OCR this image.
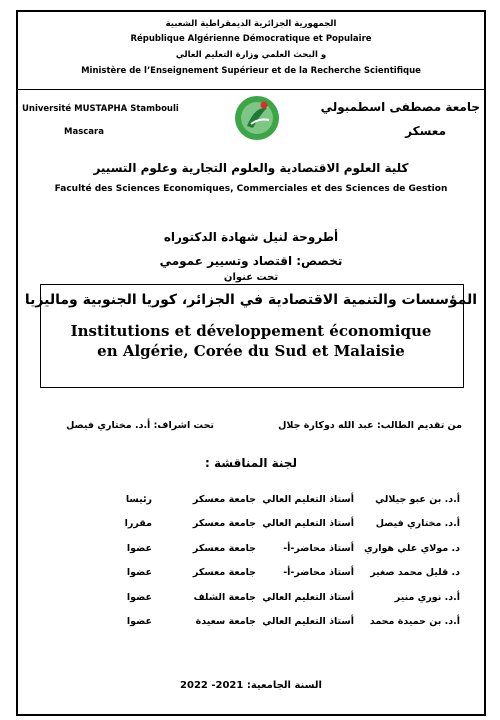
الجمهورية الجزائرية الديمقراطية الشعبية
République Algérienne Démocratique et Populaire
و البحث العلمي وزارة التعليم العالي
Ministère de l’Enseignement Supérieur et de la Recherche Scientifique
Université MUSTAPHA Stambouli
Mascara
جامعة مصطفى اسطمبولي
معسكر
كلية العلوم الاقتصادية والعلوم التجارية وعلوم التسيير
Faculté des Sciences Economiques, Commerciales et des Sciences de Gestion
أطروحة لنيل شهادة الدكتوراه
تخصص: اقتصاد وتسيير عمومي
تحت عنوان
المؤسسات والتنمية الاقتصادية في الجزائر، كوريا الجنوبية وماليزيا
Institutions et développement économique
en Algérie, Corée du Sud et Malaisie
من تقديم الطالب: عبد الله دوكارة جلال
تحت اشراف: أ.د. مختاري فيصل
لجنة المناقشة :
أ.د. بن عبو جيلالي	أستاذ التعليم العالي	جامعة معسكر	رئيسا
أ.د. مختاري فيصل	أستاذ التعليم العالي	جامعة معسكر	مقررا
د. مولاي علي هواري	أستاذ محاضر-أ-	جامعة معسكر	عضوا
د. قليل محمد صغير	أستاذ محاضر-أ-	جامعة معسكر	عضوا
أ.د. نوري منير	أستاذ التعليم العالي	جامعة الشلف	عضوا
أ.د. بن حميدة محمد	أستاذ التعليم العالي	جامعة سعيدة	عضوا
السنة الجامعية: 2021- 2022
